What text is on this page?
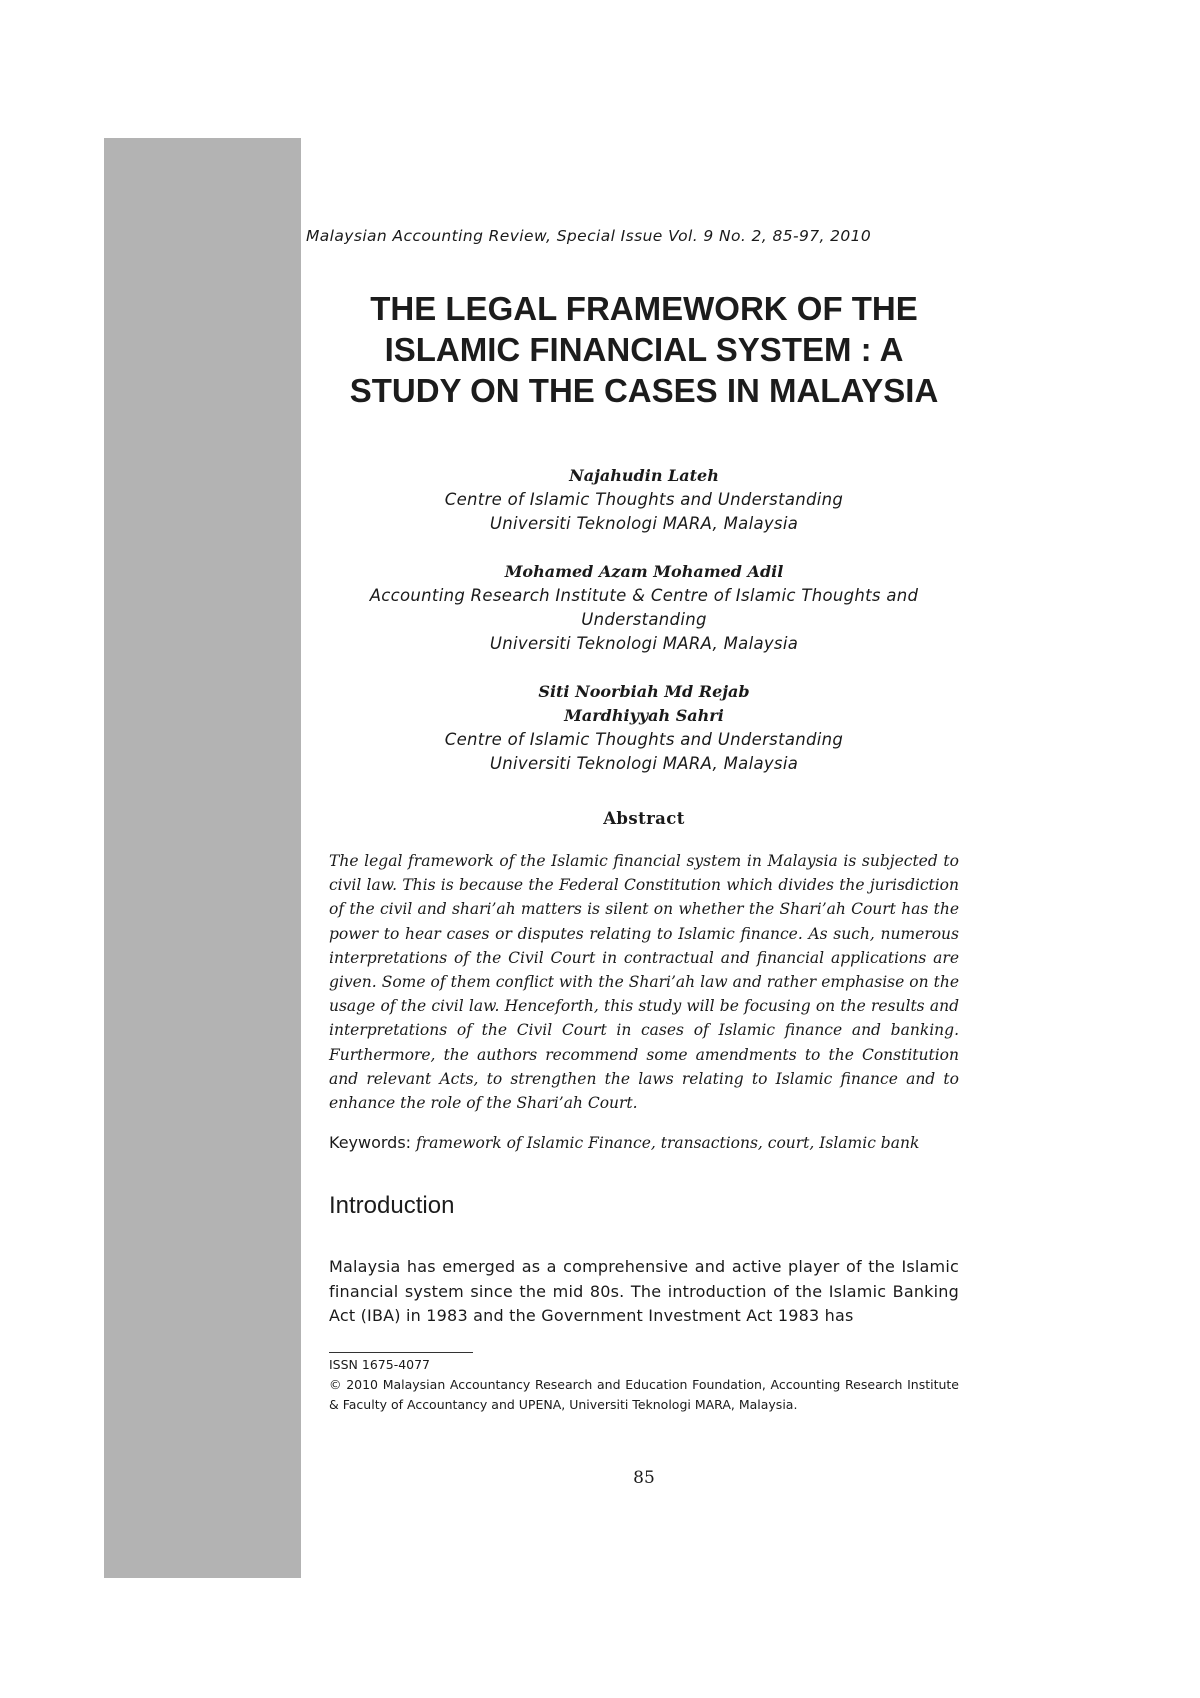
Malaysian Accounting Review, Special Issue Vol. 9 No. 2, 85-97, 2010
THE LEGAL FRAMEWORK OF THE
ISLAMIC FINANCIAL SYSTEM : A
STUDY ON THE CASES IN MALAYSIA
Najahudin Lateh
Centre of Islamic Thoughts and Understanding
Universiti Teknologi MARA, Malaysia
Mohamed Azam Mohamed Adil
Accounting Research Institute & Centre of Islamic Thoughts and
Understanding
Universiti Teknologi MARA, Malaysia
Siti Noorbiah Md Rejab
Mardhiyyah Sahri
Centre of Islamic Thoughts and Understanding
Universiti Teknologi MARA, Malaysia
Abstract

The legal framework of the Islamic financial system in Malaysia is subjected to civil law. This is because the Federal Constitution which divides the jurisdiction of the civil and shari’ah matters is silent on whether the Shari’ah Court has the power to hear cases or disputes relating to Islamic finance. As such, numerous interpretations of the Civil Court in contractual and financial applications are given. Some of them conflict with the Shari’ah law and rather emphasise on the usage of the civil law. Henceforth, this study will be focusing on the results and interpretations of the Civil Court in cases of Islamic finance and banking. Furthermore, the authors recommend some amendments to the Constitution and relevant Acts, to strengthen the laws relating to Islamic finance and to enhance the role of the Shari’ah Court.

Keywords: framework of Islamic Finance, transactions, court, Islamic bank
Introduction

Malaysia has emerged as a comprehensive and active player of the Islamic financial system since the mid 80s. The introduction of the Islamic Banking Act (IBA) in 1983 and the Government Investment Act 1983 has

ISSN 1675-4077

© 2010 Malaysian Accountancy Research and Education Foundation, Accounting Research Institute & Faculty of Accountancy and UPENA, Universiti Teknologi MARA, Malaysia.

85
